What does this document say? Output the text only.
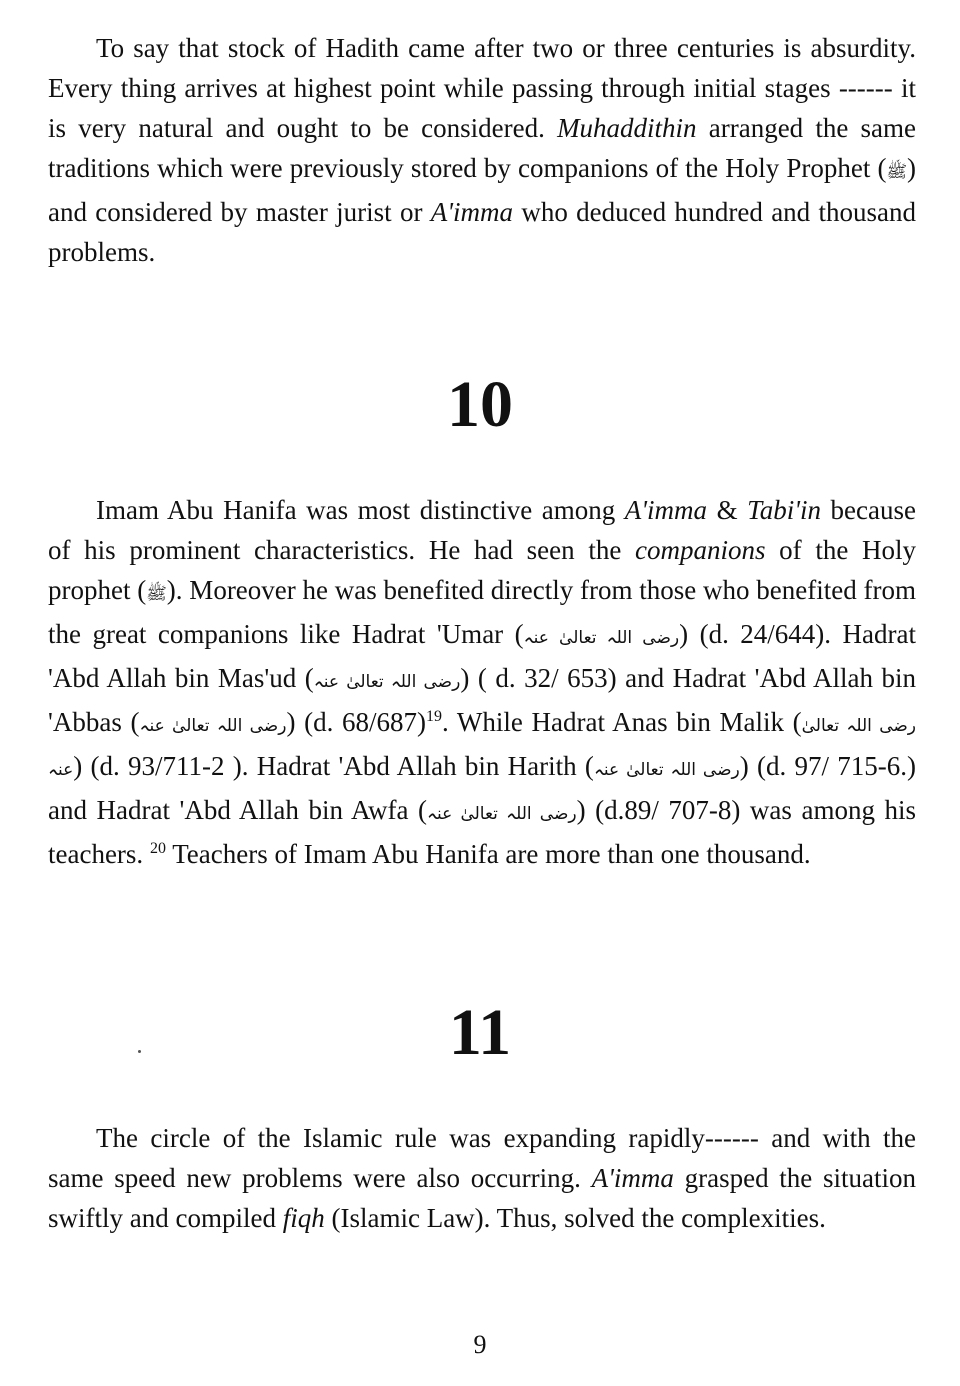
To say that stock of Hadith came after two or three centuries is absurdity. Every thing arrives at highest point while passing through initial stages ------ it is very natural and ought to be considered. Muhaddithin arranged the same traditions which were previously stored by companions of the Holy Prophet (ﷺ) and considered by master jurist or A'imma who deduced hundred and thousand problems.

10

Imam Abu Hanifa was most distinctive among A'imma & Tabi'in because of his prominent characteristics. He had seen the companions of the Holy prophet (ﷺ). Moreover he was benefited directly from those who benefited from the great companions like Hadrat 'Umar (رضی اللہ تعالیٰ عنہ) (d. 24/644). Hadrat 'Abd Allah bin Mas'ud (رضی اللہ تعالیٰ عنہ) ( d. 32/ 653) and Hadrat 'Abd Allah bin 'Abbas (رضی اللہ تعالیٰ عنہ) (d. 68/687)$^{19}$. While Hadrat Anas bin Malik (رضی اللہ تعالیٰ عنہ) (d. 93/711-2 ). Hadrat 'Abd Allah bin Harith (رضی اللہ تعالیٰ عنہ) (d. 97/ 715-6.) and Hadrat 'Abd Allah bin Awfa (رضی اللہ تعالیٰ عنہ) (d.89/ 707-8) was among his teachers. $^{20}$ Teachers of Imam Abu Hanifa are more than one thousand.

11

The circle of the Islamic rule was expanding rapidly------ and with the same speed new problems were also occurring. A'imma grasped the situation swiftly and compiled fiqh (Islamic Law). Thus, solved the complexities.

9
